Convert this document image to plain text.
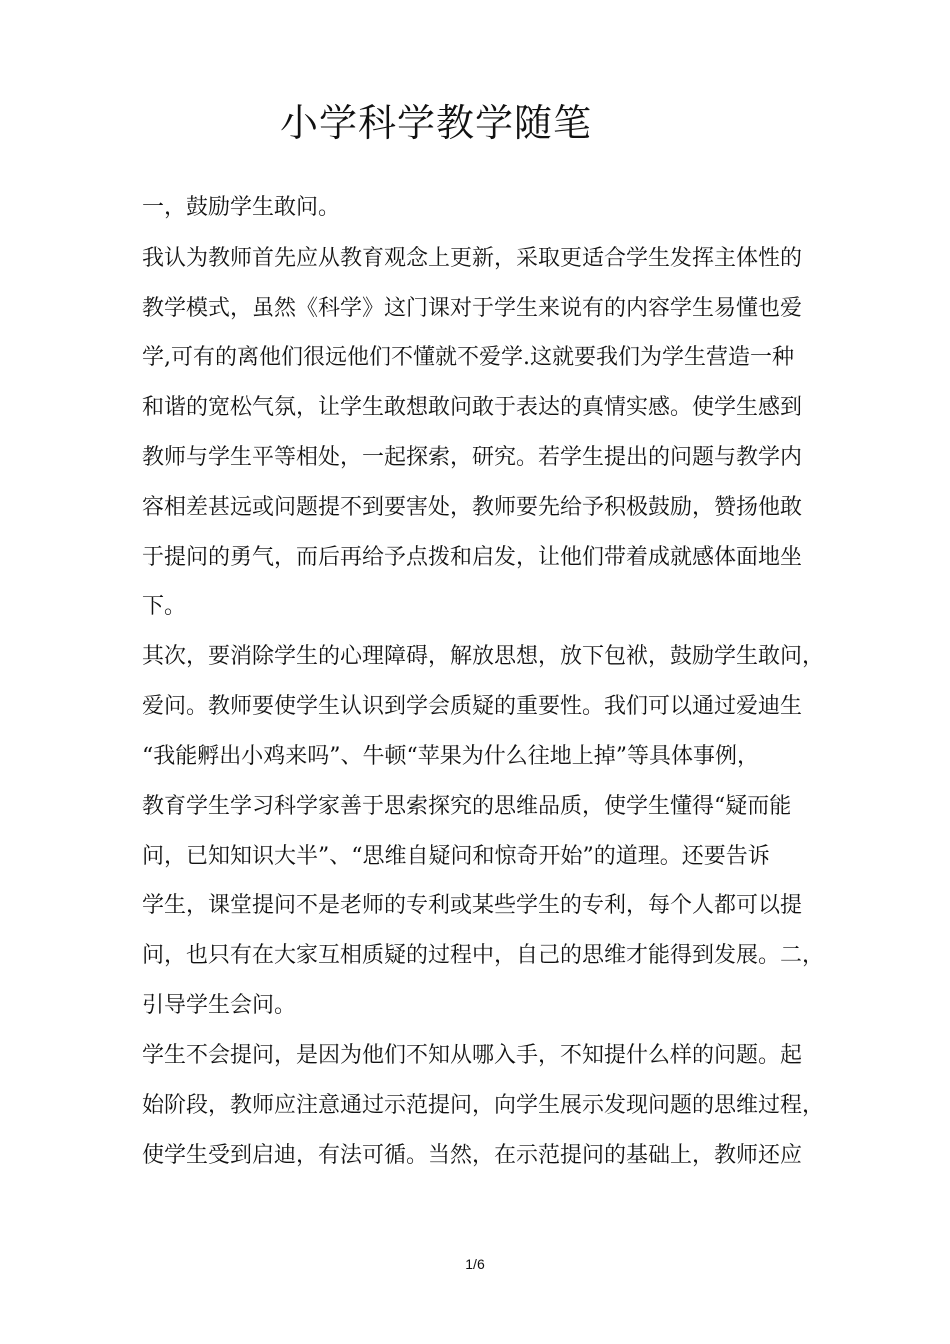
小学科学教学随笔

一，鼓励学生敢问。

我认为教师首先应从教育观念上更新，采取更适合学生发挥主体性的

教学模式，虽然《科学》这门课对于学生来说有的内容学生易懂也爱

学,可有的离他们很远他们不懂就不爱学.这就要我们为学生营造一种

和谐的宽松气氛，让学生敢想敢问敢于表达的真情实感。使学生感到

教师与学生平等相处，一起探索，研究。若学生提出的问题与教学内

容相差甚远或问题提不到要害处，教师要先给予积极鼓励，赞扬他敢

于提问的勇气，而后再给予点拨和启发，让他们带着成就感体面地坐

下。

其次，要消除学生的心理障碍，解放思想，放下包袱，鼓励学生敢问，

爱问。教师要使学生认识到学会质疑的重要性。我们可以通过爱迪生

“我能孵出小鸡来吗”、牛顿“苹果为什么往地上掉”等具体事例，

教育学生学习科学家善于思索探究的思维品质，使学生懂得“疑而能

问，已知知识大半”、“思维自疑问和惊奇开始”的道理。还要告诉

学生，课堂提问不是老师的专利或某些学生的专利，每个人都可以提

问，也只有在大家互相质疑的过程中，自己的思维才能得到发展。二，

引导学生会问。

学生不会提问，是因为他们不知从哪入手，不知提什么样的问题。起

始阶段，教师应注意通过示范提问，向学生展示发现问题的思维过程，

使学生受到启迪，有法可循。当然，在示范提问的基础上，教师还应

1/6
